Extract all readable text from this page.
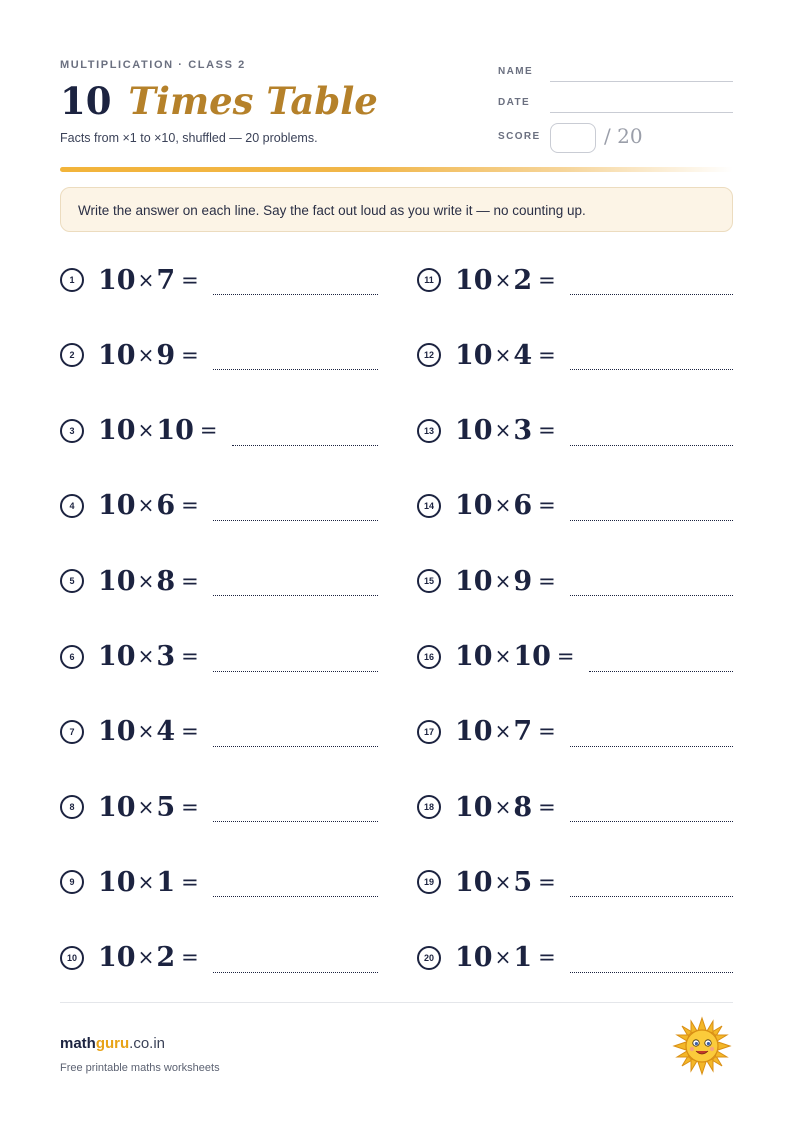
MULTIPLICATION · CLASS 2
10 Times Table
Facts from ×1 to ×10, shuffled — 20 problems.
NAME
DATE
SCORE	/ 20
Write the answer on each line. Say the fact out loud as you write it — no counting up.
1 10 ×7 =
2 10 ×9 =
3 10 ×10 =
4 10 ×6 =
5 10 ×8 =
6 10 ×3 =
7 10 ×4 =
8 10 ×5 =
9 10 ×1 =
10 10 ×2 =
11 10 ×2 =
12 10 ×4 =
13 10 ×3 =
14 10 ×6 =
15 10 ×9 =
16 10 ×10 =
17 10 ×7 =
18 10 ×8 =
19 10 ×5 =
20 10 ×1 =
mathguru.co.in
Free printable maths worksheets
